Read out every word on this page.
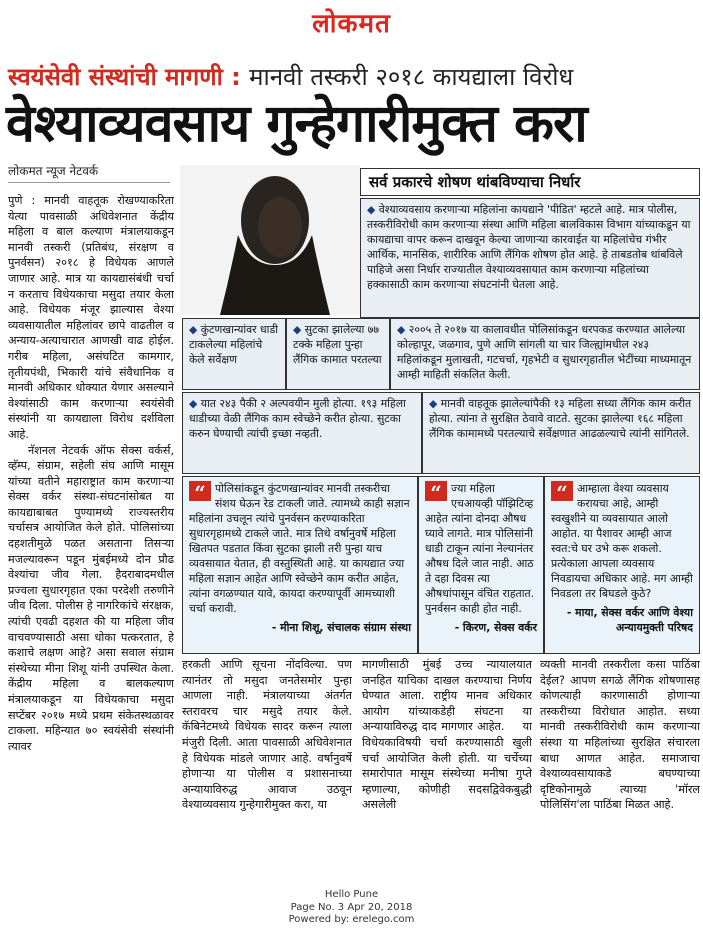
लोकमत
स्वयंसेवी संस्थांची मागणी : मानवी तस्करी २०१८ कायद्याला विरोध
वेश्याव्यवसाय गुन्हेगारीमुक्त करा
लोकमत न्यूज नेटवर्क

पुणे : मानवी वाहतूक रोखण्याकरिता येत्या पावसाळी अधिवेशनात केंद्रीय महिला व बाल कल्याण मंत्रालयाकडून मानवी तस्करी (प्रतिबंध, संरक्षण व पुनर्वसन) २०१८ हे विधेयक आणले जाणार आहे. मात्र या कायद्यासंबंधी चर्चा न करताच विधेयकाचा मसुदा तयार केला आहे. विधेयक मंजूर झाल्यास वेश्या व्यवसायातील महिलांवर छापे वाढतील व अन्याय-अत्याचारात आणखी वाढ होईल. गरीब महिला, असंघटित कामगार, तृतीयपंथी, भिकारी यांचे संवैधानिक व मानवी अधिकार धोक्यात येणार असल्याने वेश्यांसाठी काम करणाऱ्या स्वयंसेवी संस्थांनी या कायद्याला विरोध दर्शविला आहे.

नॅशनल नेटवर्क ऑफ सेक्स वर्कर्स, व्हॅम्प, संग्राम, सहेली संघ आणि मासूम यांच्या वतीने महाराष्ट्रात काम करणाऱ्या सेक्स वर्कर संस्था-संघटनांसोबत या कायद्याबाबत पुण्यामध्ये राज्यस्तरीय चर्चासत्र आयोजित केले होते. पोलिसांच्या दहशतीमुळे पळत असताना तिसऱ्या मजल्यावरून पडून मुंबईमध्ये दोन प्रौढ वेश्यांचा जीव गेला. हैदराबादमधील प्रज्वला सुधारगृहात एका परदेशी तरुणीने जीव दिला. पोलीस हे नागरिकांचे संरक्षक, त्यांची एवढी दहशत की या महिला जीव वाचवण्यासाठी असा धोका पत्करतात, हे कशाचे लक्षण आहे? असा सवाल संग्राम संस्थेच्या मीना शिशू यांनी उपस्थित केला. केंद्रीय महिला व बालकल्याण मंत्रालयाकडून या विधेयकाचा मसुदा सप्टेंबर २०१७ मध्ये प्रथम संकेतस्थळावर टाकला. महिन्यात ७० स्वयंसेवी संस्थांनी त्यावर

सर्व प्रकारचे शोषण थांबविण्याचा निर्धार
◆ वेश्याव्यवसाय करणाऱ्या महिलांना कायद्याने 'पीडित' म्हटले आहे. मात्र पोलीस, तस्करीविरोधी काम करणाऱ्या संस्था आणि महिला बालविकास विभाग यांच्याकडून या कायद्याचा वापर करून दाखवून केल्या जाणाऱ्या कारवाईत या महिलांचेच गंभीर आर्थिक, मानसिक, शारीरिक आणि लैंगिक शोषण होत आहे. हे ताबडतोब थांबविले पाहिजे असा निर्धार राज्यातील वेश्याव्यवसायात काम करणाऱ्या महिलांच्या हक्कासाठी काम करणाऱ्या संघटनांनी घेतला आहे.
◆ कुंटणखान्यांवर धाडी टाकलेल्या महिलांचे केले सर्वेक्षण
◆ सुटका झालेल्या ७७ टक्के महिला पुन्हा लैंगिक कामात परतल्या
◆ २००५ ते २०१७ या कालावधीत पोलिसांकडून धरपकड करण्यात आलेल्या कोल्हापूर, जळगाव, पुणे आणि सांगली या चार जिल्ह्यांमधील २४३ महिलांकडून मुलाखती, गटचर्चा, गृहभेटी व सुधारगृहातील भेटींच्या माध्यमातून आम्ही माहिती संकलित केली.
◆ यात २४३ पैकी २ अल्पवयीन मुली होत्या. १९३ महिला धाडीच्या वेळी लैंगिक काम स्वेच्छेने करीत होत्या. सुटका करुन घेण्याची त्यांची इच्छा नव्हती.
◆ मानवी वाहतूक झालेल्यांपैकी १३ महिला सध्या लैंगिक काम करीत होत्या. त्यांना ते सुरक्षित ठेवावे वाटते. सुटका झालेल्या १६८ महिला लैंगिक कामामध्ये परतल्याचे सर्वेक्षणात आढळल्याचे त्यांनी सांगितले.
“ पोलिसांकडून कुंटणखान्यांवर मानवी तस्करीचा संशय घेऊन रेड टाकली जाते. त्यामध्ये काही सज्ञान महिलांना उचलून त्यांचे पुनर्वसन करण्याकरिता सुधारगृहामध्ये टाकले जाते. मात्र तिथे वर्षानुवर्षे महिला खितपत पडतात किंवा सुटका झाली तरी पुन्हा याच व्यवसायात येतात, ही वस्तुस्थिती आहे. या कायद्यात ज्या महिला सज्ञान आहेत आणि स्वेच्छेने काम करीत आहेत, त्यांना वगळण्यात यावे, कायदा करण्यापूर्वी आमच्याशी चर्चा करावी.
- मीना शिशू, संचालक संग्राम संस्था
“ ज्या महिला एचआयव्ही पॉझिटिव्ह आहेत त्यांना दोनदा औषध घ्यावे लागते. मात्र पोलिसांनी धाडी टाकून त्यांना नेल्यानंतर औषध दिले जात नाही. आठ ते दहा दिवस त्या औषधांपासून वंचित राहतात. पुनर्वसन काही होत नाही.
- किरण, सेक्स वर्कर
“ आम्हाला वेश्या व्यवसाय करायचा आहे, आम्ही स्वखुशीने या व्यवसायात आलो आहोत. या पैशावर आम्ही आज स्वत:चे घर उभे करू शकलो. प्रत्येकाला आपला व्यवसाय निवडायचा अधिकार आहे. मग आम्ही निवडला तर बिघडले कुठे?
- माया, सेक्स वर्कर आणि वेश्या अन्यायमुक्ती परिषद
हरकती आणि सूचना नोंदविल्या. पण त्यानंतर तो मसुदा जनतेसमोर पुन्हा आणला नाही. मंत्रालयाच्या अंतर्गत स्तरावरच चार मसुदे तयार केले. कॅबिनेटमध्ये विधेयक सादर करून त्याला मंजुरी दिली. आता पावसाळी अधिवेशनात हे विधेयक मांडले जाणार आहे. वर्षानुवर्षे होणाऱ्या या पोलीस व प्रशासनाच्या अन्यायाविरुद्ध आवाज उठवून वेश्याव्यवसाय गुन्हेगारीमुक्त करा, या
मागणीसाठी मुंबई उच्च न्यायालयात जनहित याचिका दाखल करण्याचा निर्णय घेण्यात आला. राष्ट्रीय मानव अधिकार आयोग यांच्याकडेही संघटना या अन्यायाविरुद्ध दाद मागणार आहेत.    या विधेयकाविषयी चर्चा करण्यासाठी खुली चर्चा आयोजित केली होती. या चर्चेच्या समारोपात मासूम संस्थेच्या मनीषा गुप्ते म्हणाल्या, कोणीही सदसद्विवेकबुद्धी असलेली
व्यक्ती मानवी तस्करीला कसा पाठिंबा देईल? आपण सगळे लैंगिक शोषणासह कोणत्याही कारणासाठी होणाऱ्या तस्करीच्या विरोधात आहोत. सध्या मानवी तस्करीविरोधी काम करणाऱ्या संस्था या महिलांच्या सुरक्षित संचारला बाधा आणत आहेत. समाजाचा वेश्याव्यवसायाकडे बघण्याच्या दृष्टिकोनामुळे त्याच्या 'मॉरल पोलिसिंग'ला पाठिंबा मिळत आहे.
Hello Pune
Page No. 3 Apr 20, 2018
Powered by: erelego.com
